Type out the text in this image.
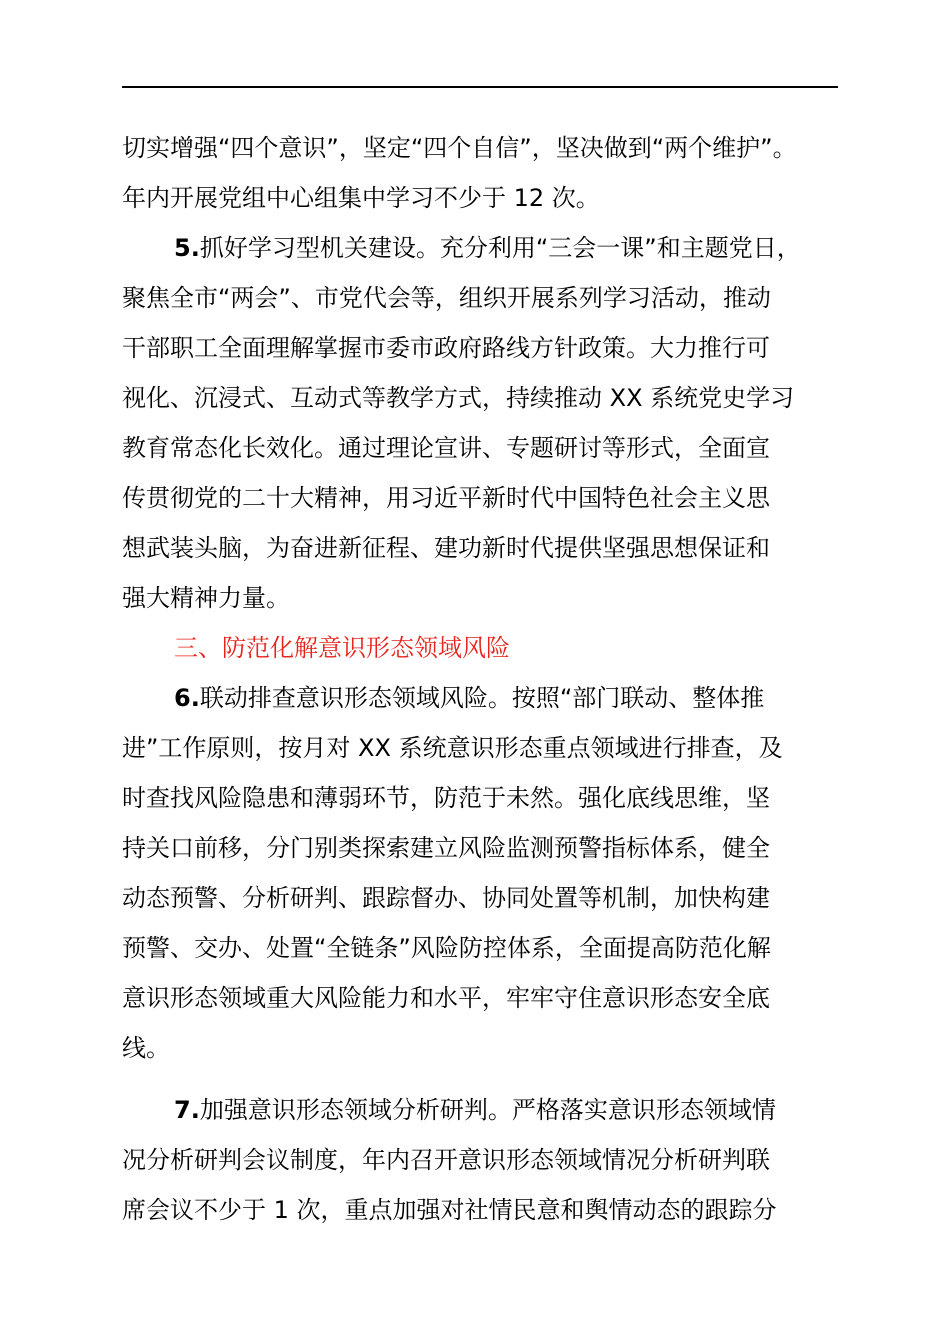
切实增强“四个意识”，坚定“四个自信”，坚决做到“两个维护”。
年内开展党组中心组集中学习不少于 12 次。
5.抓好学习型机关建设。充分利用“三会一课”和主题党日，
聚焦全市“两会”、市党代会等，组织开展系列学习活动，推动
干部职工全面理解掌握市委市政府路线方针政策。大力推行可
视化、沉浸式、互动式等教学方式，持续推动 XX 系统党史学习
教育常态化长效化。通过理论宣讲、专题研讨等形式，全面宣
传贯彻党的二十大精神，用习近平新时代中国特色社会主义思
想武装头脑，为奋进新征程、建功新时代提供坚强思想保证和
强大精神力量。
三、防范化解意识形态领域风险
6.联动排查意识形态领域风险。按照“部门联动、整体推
进”工作原则，按月对 XX 系统意识形态重点领域进行排查，及
时查找风险隐患和薄弱环节，防范于未然。强化底线思维，坚
持关口前移，分门别类探索建立风险监测预警指标体系，健全
动态预警、分析研判、跟踪督办、协同处置等机制，加快构建
预警、交办、处置“全链条”风险防控体系，全面提高防范化解
意识形态领域重大风险能力和水平，牢牢守住意识形态安全底
线。
7.加强意识形态领域分析研判。严格落实意识形态领域情
况分析研判会议制度，年内召开意识形态领域情况分析研判联
席会议不少于 1 次，重点加强对社情民意和舆情动态的跟踪分
